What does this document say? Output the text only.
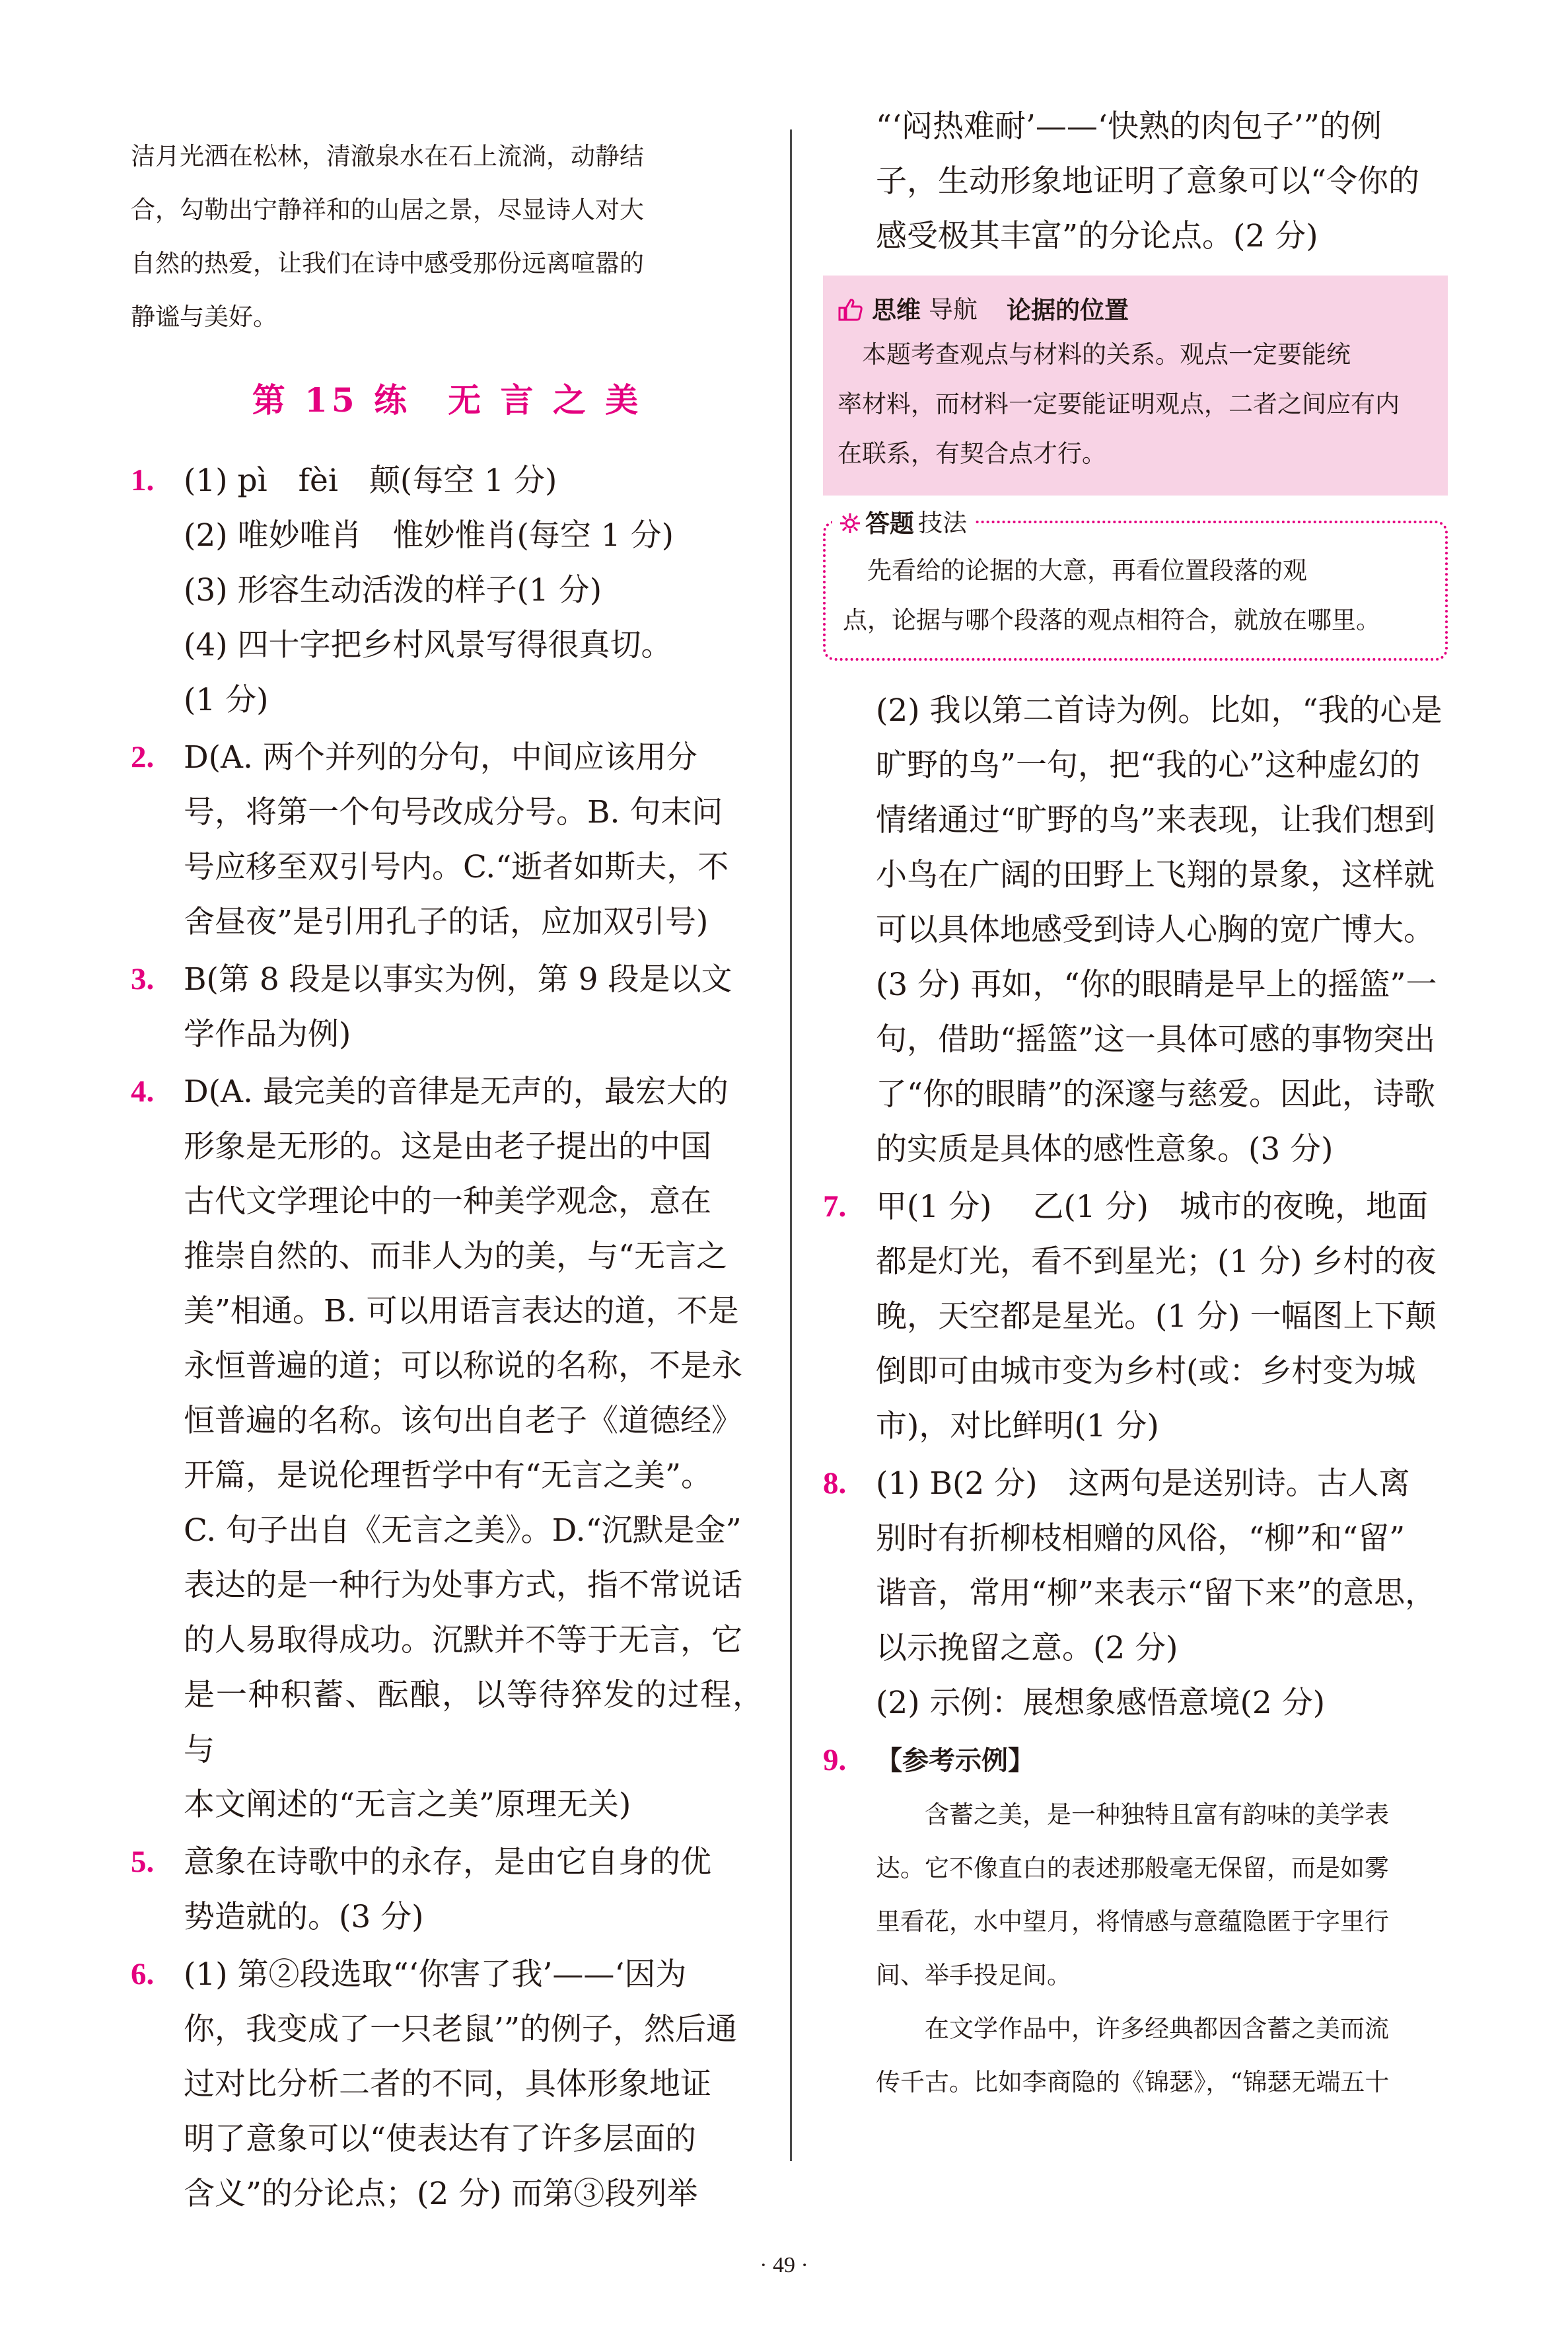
洁月光洒在松林，清澈泉水在石上流淌，动静结
合，勾勒出宁静祥和的山居之景，尽显诗人对大
自然的热爱，让我们在诗中感受那份远离喧嚣的
静谧与美好。
第 15 练　无 言 之 美
1. (1) pì　fèi　颠(每空 1 分)
(2) 唯妙唯肖　惟妙惟肖(每空 1 分)
(3) 形容生动活泼的样子(1 分)
(4) 四十字把乡村风景写得很真切。
(1 分)
2. D(A. 两个并列的分句，中间应该用分
号，将第一个句号改成分号。B. 句末问
号应移至双引号内。C.“逝者如斯夫，不
舍昼夜”是引用孔子的话，应加双引号)
3. B(第 8 段是以事实为例，第 9 段是以文
学作品为例)
4. D(A. 最完美的音律是无声的，最宏大的
形象是无形的。这是由老子提出的中国
古代文学理论中的一种美学观念，意在
推崇自然的、而非人为的美，与“无言之
美”相通。B. 可以用语言表达的道，不是
永恒普遍的道；可以称说的名称，不是永
恒普遍的名称。该句出自老子《道德经》
开篇，是说伦理哲学中有“无言之美”。
C. 句子出自《无言之美》。D.“沉默是金”
表达的是一种行为处事方式，指不常说话
的人易取得成功。沉默并不等于无言，它
是一种积蓄、酝酿，以等待猝发的过程，与
本文阐述的“无言之美”原理无关)
5. 意象在诗歌中的永存，是由它自身的优
势造就的。(3 分)
6. (1) 第②段选取“‘你害了我’——‘因为
你，我变成了一只老鼠’”的例子，然后通
过对比分析二者的不同，具体形象地证
明了意象可以“使表达有了许多层面的
含义”的分论点；(2 分) 而第③段列举
“‘闷热难耐’——‘快熟的肉包子’”的例
子，生动形象地证明了意象可以“令你的
感受极其丰富”的分论点。(2 分)
思维 导航 论据的位置
　本题考查观点与材料的关系。观点一定要能统
率材料，而材料一定要能证明观点，二者之间应有内
在联系，有契合点才行。
答题 技法
　先看给的论据的大意，再看位置段落的观
点，论据与哪个段落的观点相符合，就放在哪里。
(2) 我以第二首诗为例。比如，“我的心是
旷野的鸟”一句，把“我的心”这种虚幻的
情绪通过“旷野的鸟”来表现，让我们想到
小鸟在广阔的田野上飞翔的景象，这样就
可以具体地感受到诗人心胸的宽广博大。
(3 分) 再如，“你的眼睛是早上的摇篮”一
句，借助“摇篮”这一具体可感的事物突出
了“你的眼睛”的深邃与慈爱。因此，诗歌
的实质是具体的感性意象。(3 分)
7. 甲(1 分)　 乙(1 分)　城市的夜晚，地面
都是灯光，看不到星光；(1 分) 乡村的夜
晚，天空都是星光。(1 分) 一幅图上下颠
倒即可由城市变为乡村(或：乡村变为城
市)，对比鲜明(1 分)
8. (1) B(2 分)　这两句是送别诗。古人离
别时有折柳枝相赠的风俗，“柳”和“留”
谐音，常用“柳”来表示“留下来”的意思，
以示挽留之意。(2 分)
(2) 示例：展想象感悟意境(2 分)
9. 【参考示例】
　　含蓄之美，是一种独特且富有韵味的美学表
达。它不像直白的表述那般毫无保留，而是如雾
里看花，水中望月，将情感与意蕴隐匿于字里行
间、举手投足间。
　　在文学作品中，许多经典都因含蓄之美而流
传千古。比如李商隐的《锦瑟》，“锦瑟无端五十
· 49 ·
